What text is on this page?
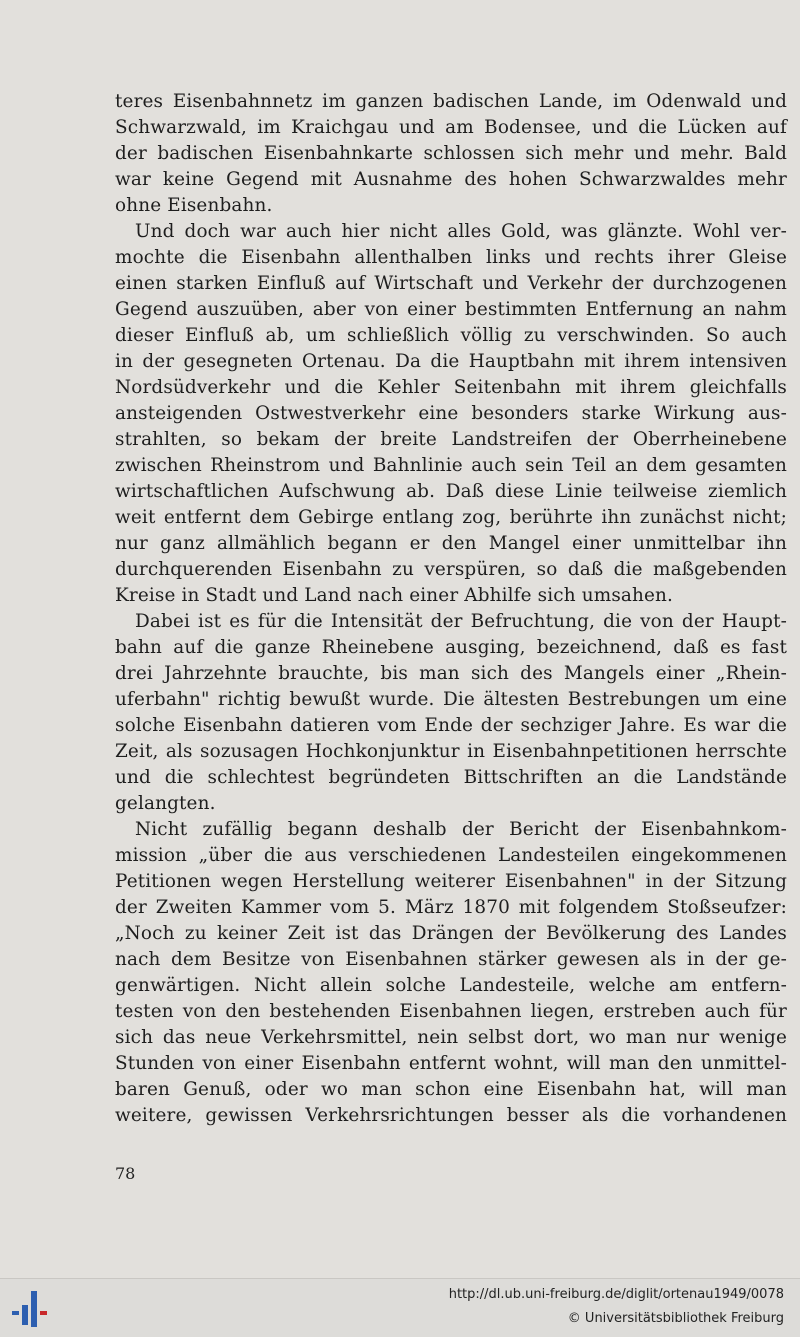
teres Eisenbahnnetz im ganzen badischen Lande, im Odenwald und
Schwarzwald, im Kraichgau und am Bodensee, und die Lücken auf
der badischen Eisenbahnkarte schlossen sich mehr und mehr. Bald
war keine Gegend mit Ausnahme des hohen Schwarzwaldes mehr
ohne Eisenbahn.
Und doch war auch hier nicht alles Gold, was glänzte. Wohl ver-
mochte die Eisenbahn allenthalben links und rechts ihrer Gleise
einen starken Einfluß auf Wirtschaft und Verkehr der durchzogenen
Gegend auszuüben, aber von einer bestimmten Entfernung an nahm
dieser Einfluß ab, um schließlich völlig zu verschwinden. So auch
in der gesegneten Ortenau. Da die Hauptbahn mit ihrem intensiven
Nordsüdverkehr und die Kehler Seitenbahn mit ihrem gleichfalls
ansteigenden Ostwestverkehr eine besonders starke Wirkung aus-
strahlten, so bekam der breite Landstreifen der Oberrheinebene
zwischen Rheinstrom und Bahnlinie auch sein Teil an dem gesamten
wirtschaftlichen Aufschwung ab. Daß diese Linie teilweise ziemlich
weit entfernt dem Gebirge entlang zog, berührte ihn zunächst nicht;
nur ganz allmählich begann er den Mangel einer unmittelbar ihn
durchquerenden Eisenbahn zu verspüren, so daß die maßgebenden
Kreise in Stadt und Land nach einer Abhilfe sich umsahen.
Dabei ist es für die Intensität der Befruchtung, die von der Haupt-
bahn auf die ganze Rheinebene ausging, bezeichnend, daß es fast
drei Jahrzehnte brauchte, bis man sich des Mangels einer „Rhein-
uferbahn" richtig bewußt wurde. Die ältesten Bestrebungen um eine
solche Eisenbahn datieren vom Ende der sechziger Jahre. Es war die
Zeit, als sozusagen Hochkonjunktur in Eisenbahnpetitionen herrschte
und die schlechtest begründeten Bittschriften an die Landstände
gelangten.
Nicht zufällig begann deshalb der Bericht der Eisenbahnkom-
mission „über die aus verschiedenen Landesteilen eingekommenen
Petitionen wegen Herstellung weiterer Eisenbahnen" in der Sitzung
der Zweiten Kammer vom 5. März 1870 mit folgendem Stoßseufzer:
„Noch zu keiner Zeit ist das Drängen der Bevölkerung des Landes
nach dem Besitze von Eisenbahnen stärker gewesen als in der ge-
genwärtigen. Nicht allein solche Landesteile, welche am entfern-
testen von den bestehenden Eisenbahnen liegen, erstreben auch für
sich das neue Verkehrsmittel, nein selbst dort, wo man nur wenige
Stunden von einer Eisenbahn entfernt wohnt, will man den unmittel-
baren Genuß, oder wo man schon eine Eisenbahn hat, will man
weitere, gewissen Verkehrsrichtungen besser als die vorhandenen
78
http://dl.ub.uni-freiburg.de/diglit/ortenau1949/0078
© Universitätsbibliothek Freiburg
